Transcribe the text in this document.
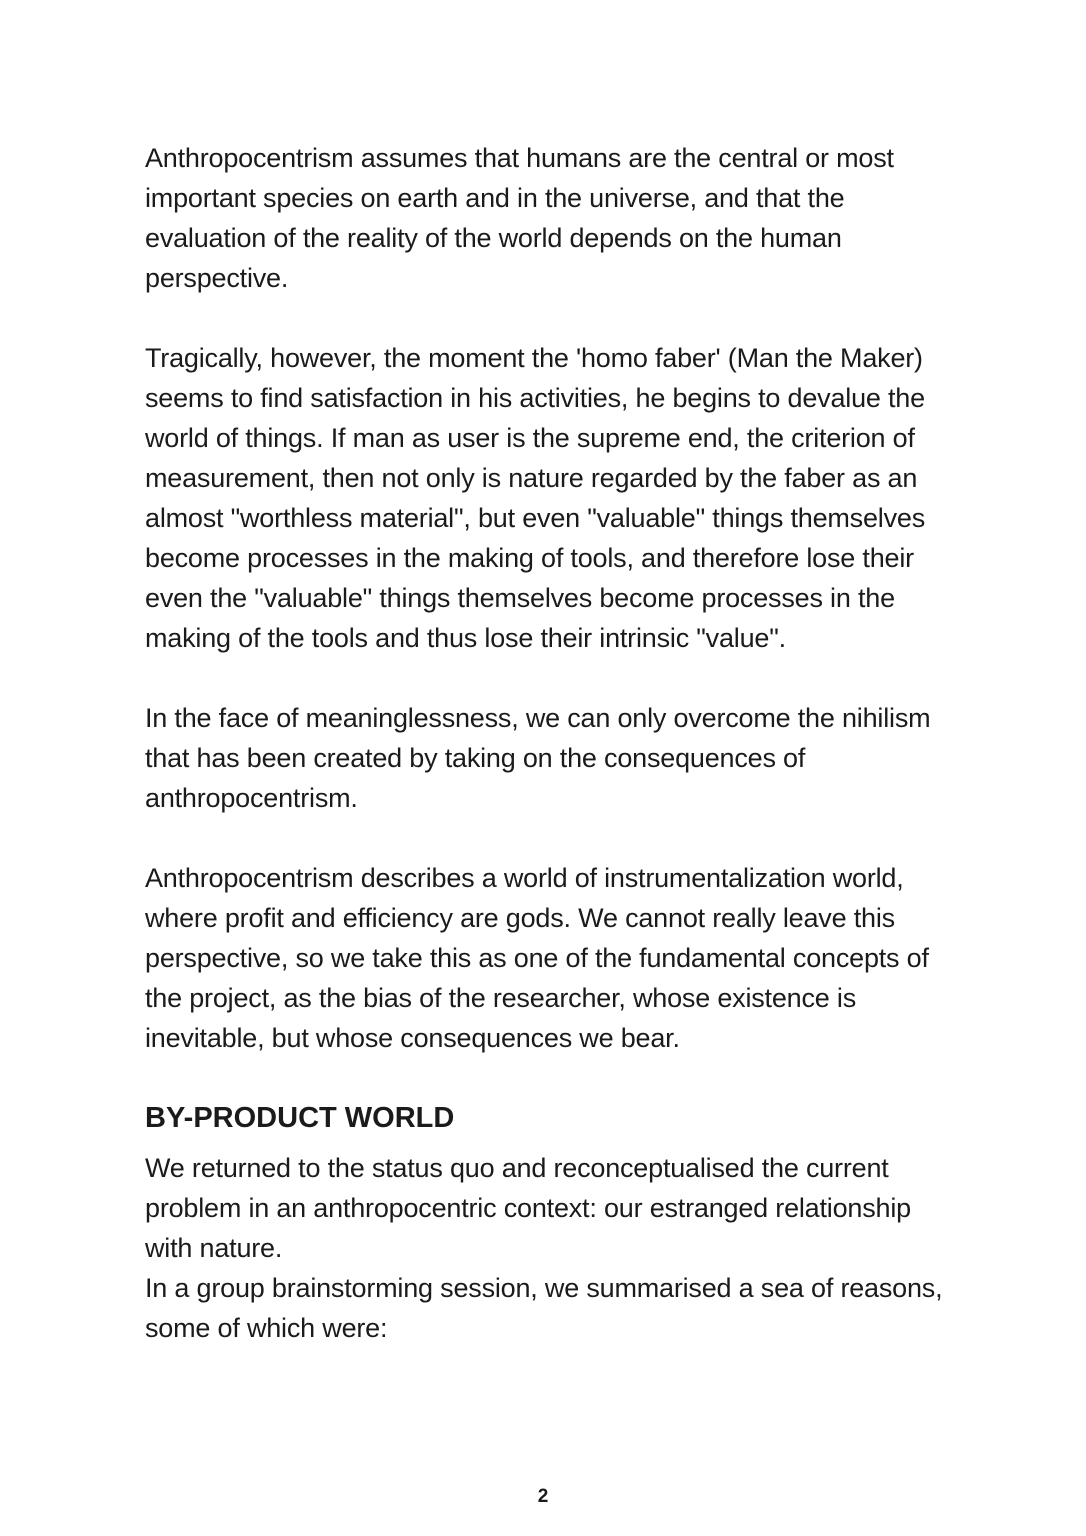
Anthropocentrism assumes that humans are the central or most important species on earth and in the universe, and that the evaluation of the reality of the world depends on the human perspective.

Tragically, however, the moment the 'homo faber' (Man the Maker) seems to find satisfaction in his activities, he begins to devalue the world of things. If man as user is the supreme end, the criterion of measurement, then not only is nature regarded by the faber as an almost "worthless material", but even "valuable" things themselves become processes in the making of tools, and therefore lose their even the "valuable" things themselves become processes in the making of the tools and thus lose their intrinsic "value".

In the face of meaninglessness, we can only overcome the nihilism that has been created by taking on the consequences of anthropocentrism.

Anthropocentrism describes a world of instrumentalization world, where profit and efficiency are gods. We cannot really leave this perspective, so we take this as one of the fundamental concepts of the project, as the bias of the researcher, whose existence is inevitable, but whose consequences we bear.

BY-PRODUCT WORLD

We returned to the status quo and reconceptualised the current problem in an anthropocentric context: our estranged relationship with nature.

In a group brainstorming session, we summarised a sea of reasons, some of which were:

2
